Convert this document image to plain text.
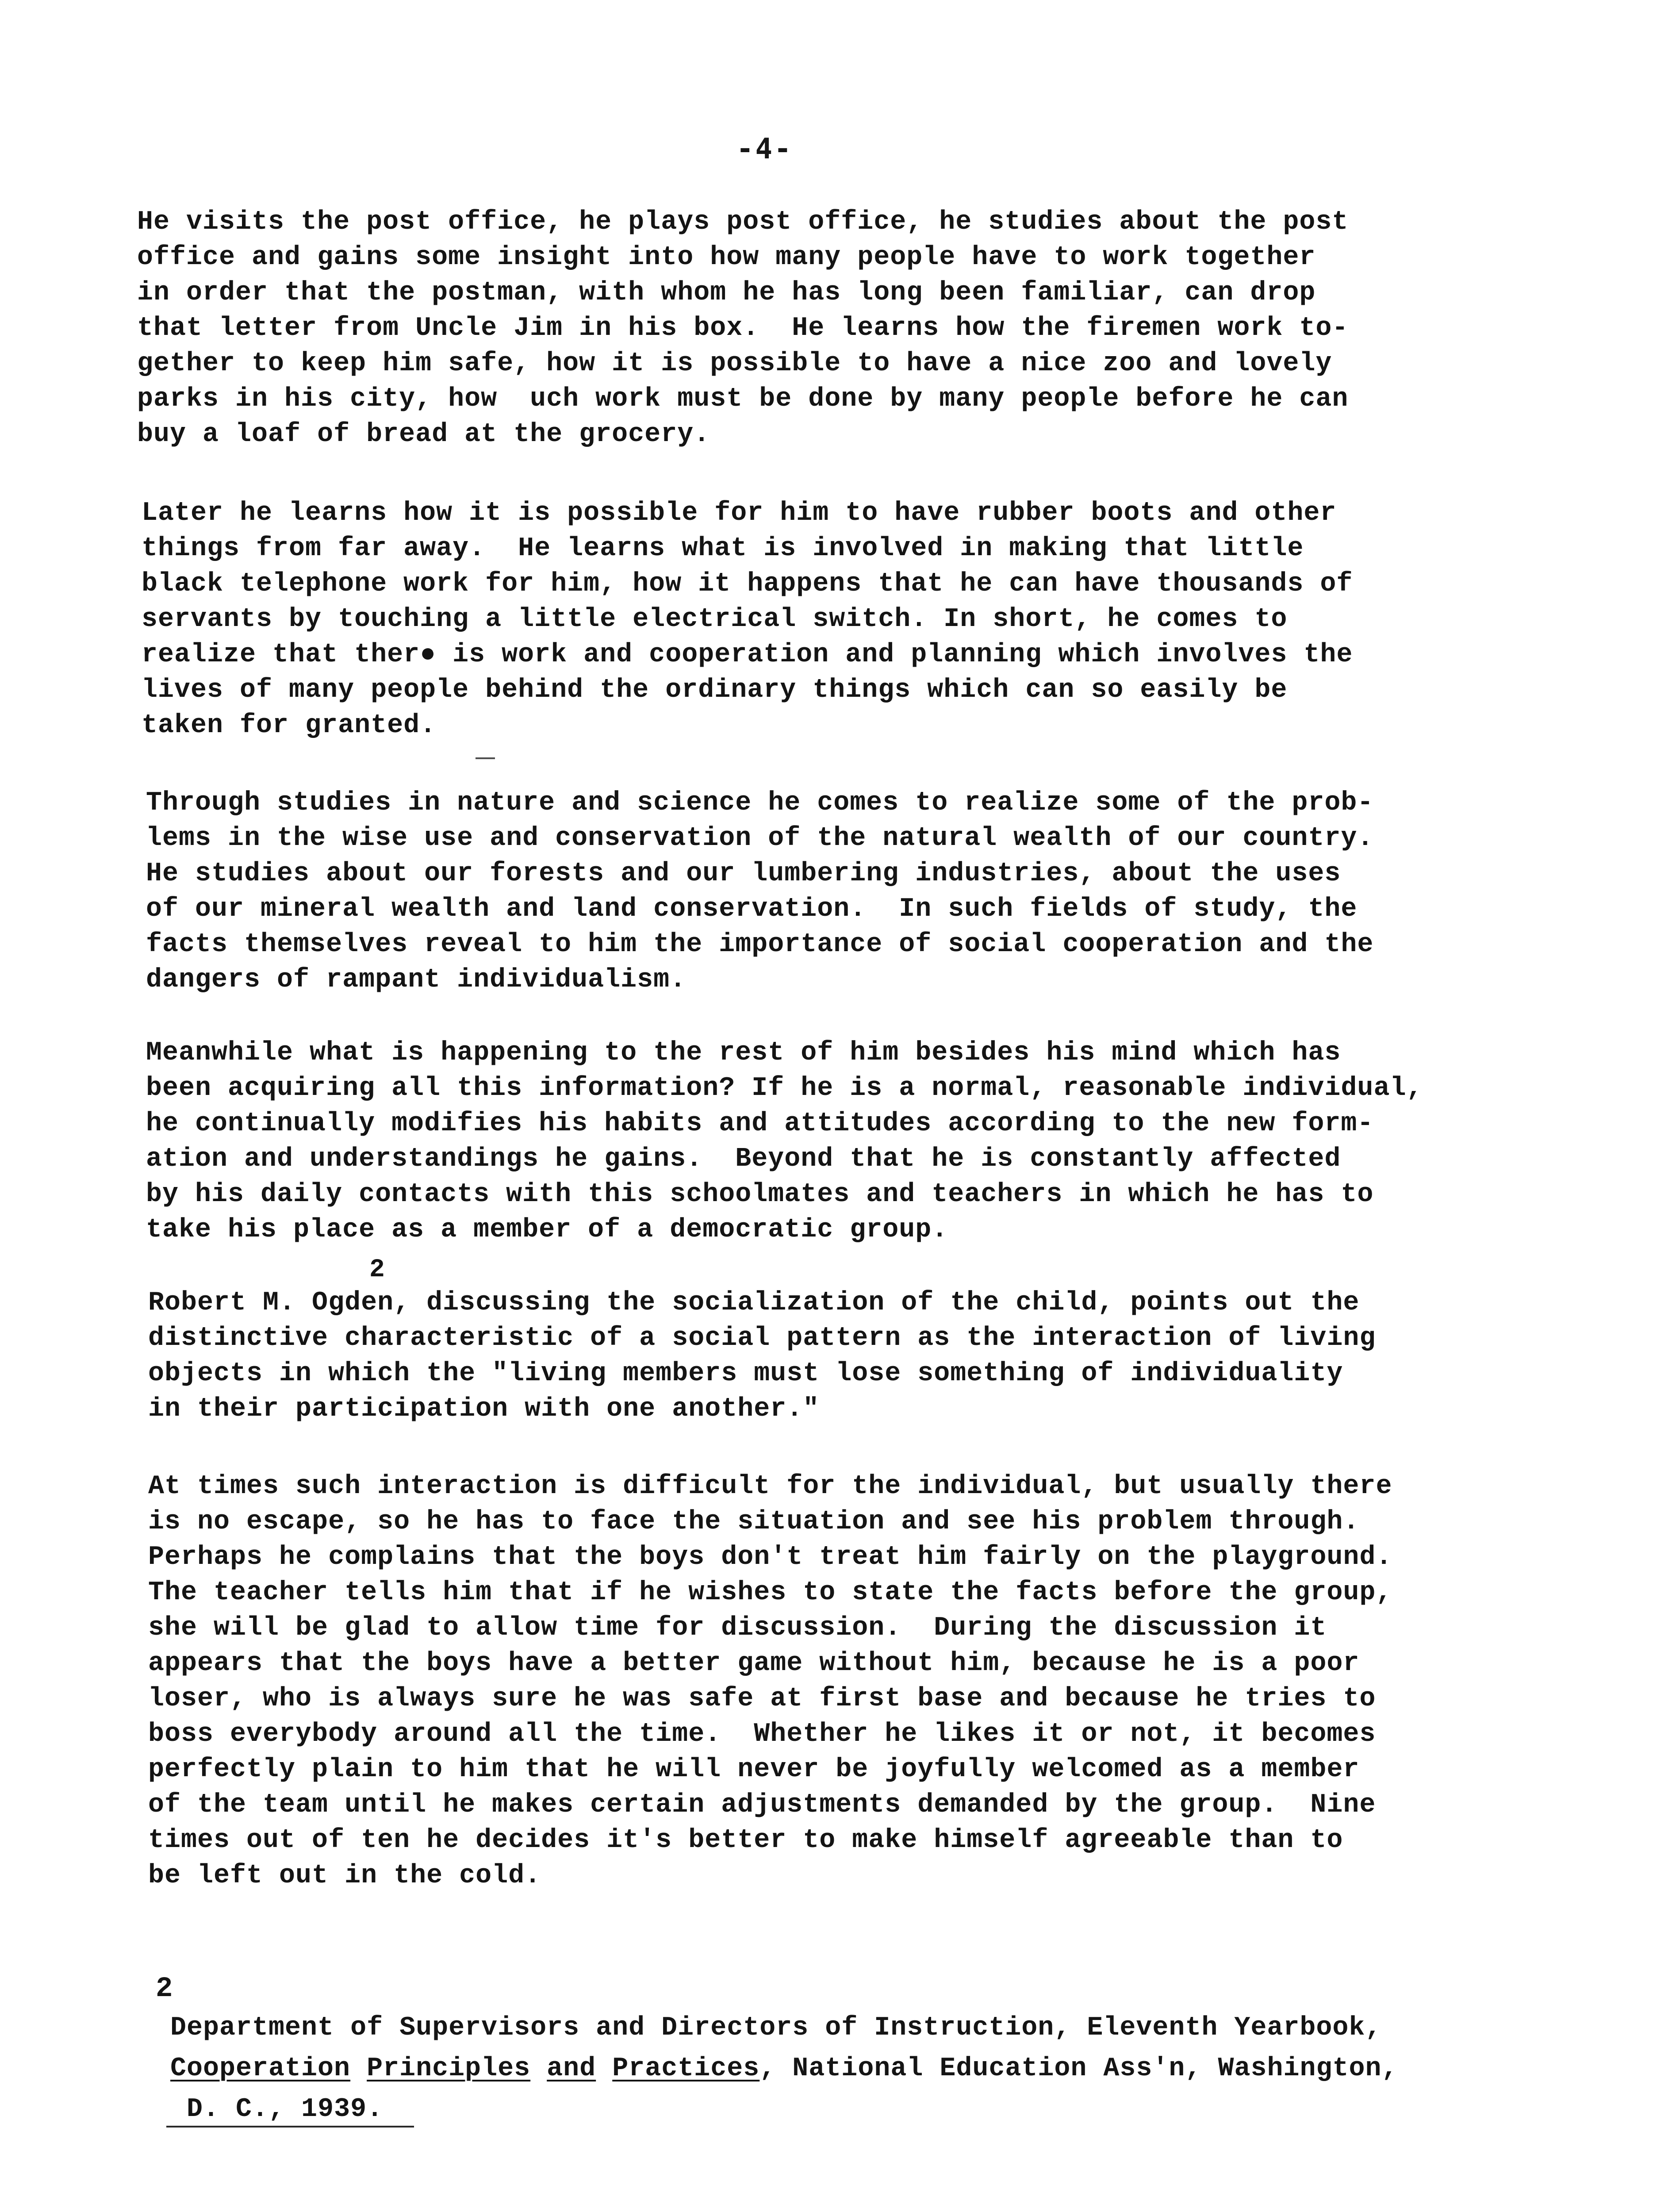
-4-
He visits the post office, he plays post office, he studies about the post
office and gains some insight into how many people have to work together
in order that the postman, with whom he has long been familiar, can drop
that letter from Uncle Jim in his box.  He learns how the firemen work to-
gether to keep him safe, how it is possible to have a nice zoo and lovely
parks in his city, how  uch work must be done by many people before he can
buy a loaf of bread at the grocery.
Later he learns how it is possible for him to have rubber boots and other
things from far away.  He learns what is involved in making that little
black telephone work for him, how it happens that he can have thousands of
servants by touching a little electrical switch. In short, he comes to
realize that ther● is work and cooperation and planning which involves the
lives of many people behind the ordinary things which can so easily be
taken for granted.
Through studies in nature and science he comes to realize some of the prob-
lems in the wise use and conservation of the natural wealth of our country.
He studies about our forests and our lumbering industries, about the uses
of our mineral wealth and land conservation.  In such fields of study, the
facts themselves reveal to him the importance of social cooperation and the
dangers of rampant individualism.
Meanwhile what is happening to the rest of him besides his mind which has
been acquiring all this information? If he is a normal, reasonable individual,
he continually modifies his habits and attitudes according to the new form-
ation and understandings he gains.  Beyond that he is constantly affected
by his daily contacts with this schoolmates and teachers in which he has to
take his place as a member of a democratic group.
2
Robert M. Ogden, discussing the socialization of the child, points out the
distinctive characteristic of a social pattern as the interaction of living
objects in which the "living members must lose something of individuality
in their participation with one another."
At times such interaction is difficult for the individual, but usually there
is no escape, so he has to face the situation and see his problem through.
Perhaps he complains that the boys don't treat him fairly on the playground.
The teacher tells him that if he wishes to state the facts before the group,
she will be glad to allow time for discussion.  During the discussion it
appears that the boys have a better game without him, because he is a poor
loser, who is always sure he was safe at first base and because he tries to
boss everybody around all the time.  Whether he likes it or not, it becomes
perfectly plain to him that he will never be joyfully welcomed as a member
of the team until he makes certain adjustments demanded by the group.  Nine
times out of ten he decides it's better to make himself agreeable than to
be left out in the cold.
2
Department of Supervisors and Directors of Instruction, Eleventh Yearbook,
Cooperation Principles and Practices, National Education Ass'n, Washington,
D. C., 1939.
